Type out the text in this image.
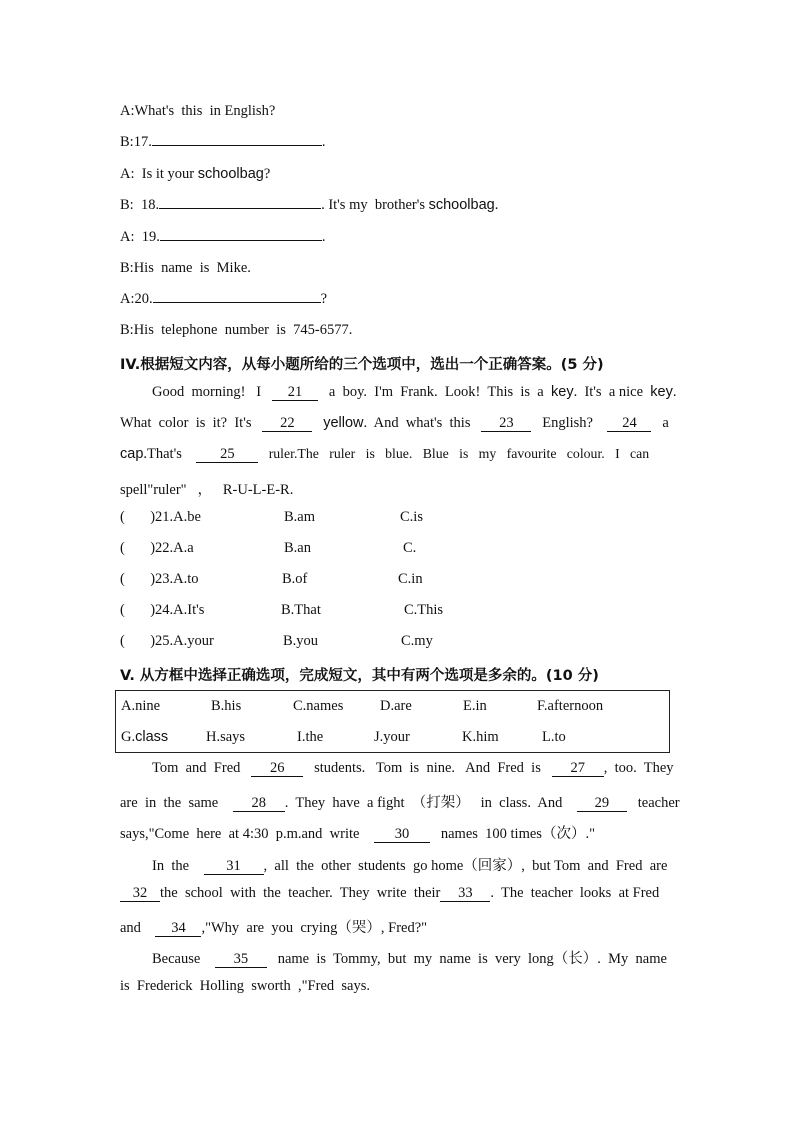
A:What's  this  in English?
B:17.	.
A:  Is it your schoolbag?
B:  18.	. It's my  brother's schoolbag.
A:  19.	.
B:His  name  is  Mike.
A:20.	?
B:His  telephone  number  is  745-6577.
IV.根据短文内容，从每小题所给的三个选项中，选出一个正确答案。(5 分)
Good  morning!   I   21   a  boy.  I'm  Frank.  Look!  This  is  a  key.  It's  a nice  key.
What  color  is  it?  It's   22 yellow.  And  what's  this   23   English?    24   a
cap.That's    25   ruler.The   ruler   is   blue.   Blue   is   my   favourite   colour.   I   can
spell"ruler"   ，   R-U-L-E-R.
(       )21.A.be	B.am	C.is
(       )22.A.a	B.an	C.
(       )23.A.to	B.of	C.in
(       )24.A.It's	B.That	C.This
(       )25.A.your	B.you	C.my
V. 从方框中选择正确选项，完成短文，其中有两个选项是多余的。(10 分)
A.nine	B.his	C.names	D.are	E.in	F.afternoon
G.class	H.says	I.the	J.your	K.him	L.to
Tom  and  Fred   26   students.   Tom  is  nine.   And  Fred  is   27 ,  too.  They
are  in  the  same    28 .  They  have  a fight  （打架）   in  class.  And    29   teacher
says,"Come  here  at 4:30  p.m.and  write    30   names  100 times（次）."
In  the    31 ,  all  the  other  students  go home（回家）,  but Tom  and  Fred  are
32 the  school  with  the  teacher.  They  write  their 33 .  The  teacher  looks  at Fred
and    34 ,"Why  are  you  crying（哭）, Fred?"
Because    35   name  is  Tommy,  but  my  name  is  very  long（长）.  My  name
is  Frederick  Holling  sworth  ,"Fred  says.
